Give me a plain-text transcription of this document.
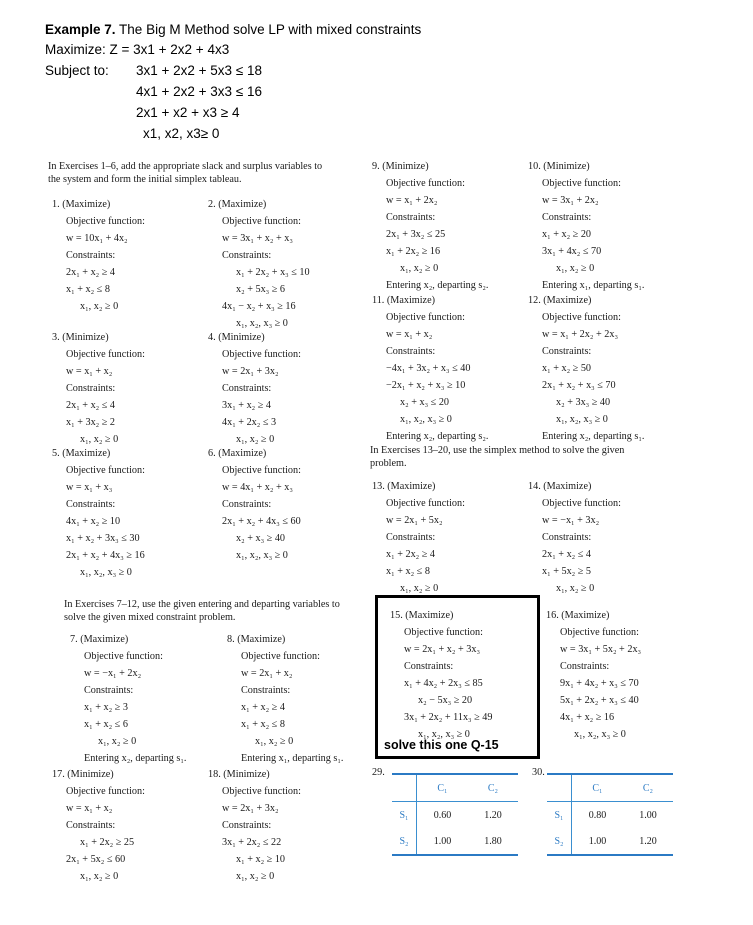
Example 7. The Big M Method solve LP with mixed constraints
Maximize: Z = 3x1 + 2x2 + 4x3
Subject to: 3x1 + 2x2 + 5x3 ≤ 18
4x1 + 2x2 + 3x3 ≤ 16
2x1 + x2 + x3 ≥ 4
x1, x2, x3≥ 0
In Exercises 1–6, add the appropriate slack and surplus variables to
the system and form the initial simplex tableau.
1. (Maximize)
Objective function:
w = 10x₁ + 4x₂
Constraints:
2x₁ + x₂ ≥ 4
x₁ + x₂ ≤ 8
x₁, x₂ ≥ 0
2. (Maximize)
Objective function:
w = 3x₁ + x₂ + x₃
Constraints:
x₁ + 2x₂ + x₃ ≤ 10
x₂ + 5x₃ ≥ 6
4x₁ − x₂ + x₃ ≥ 16
x₁, x₂, x₃ ≥ 0
3. (Minimize)
Objective function:
w = x₁ + x₂
Constraints:
2x₁ + x₂ ≤ 4
x₁ + 3x₂ ≥ 2
x₁, x₂ ≥ 0
4. (Minimize)
Objective function:
w = 2x₁ + 3x₂
Constraints:
3x₁ + x₂ ≥ 4
4x₁ + 2x₂ ≤ 3
x₁, x₂ ≥ 0
5. (Maximize)
Objective function:
w = x₁ + x₃
Constraints:
4x₁ + x₂ ≥ 10
x₁ + x₂ + 3x₃ ≤ 30
2x₁ + x₂ + 4x₃ ≥ 16
x₁, x₂, x₃ ≥ 0
6. (Maximize)
Objective function:
w = 4x₁ + x₂ + x₃
Constraints:
2x₁ + x₂ + 4x₃ ≤ 60
x₂ + x₃ ≥ 40
x₁, x₂, x₃ ≥ 0
In Exercises 7–12, use the given entering and departing variables to
solve the given mixed constraint problem.
7. (Maximize)
Objective function:
w = −x₁ + 2x₂
Constraints:
x₁ + x₂ ≥ 3
x₁ + x₂ ≤ 6
x₁, x₂ ≥ 0
Entering x₂, departing s₁.
8. (Maximize)
Objective function:
w = 2x₁ + x₂
Constraints:
x₁ + x₂ ≥ 4
x₁ + x₂ ≤ 8
x₁, x₂ ≥ 0
Entering x₁, departing s₁.
17. (Minimize)
Objective function:
w = x₁ + x₂
Constraints:
x₁ + 2x₂ ≥ 25
2x₁ + 5x₂ ≤ 60
x₁, x₂ ≥ 0
18. (Minimize)
Objective function:
w = 2x₁ + 3x₂
Constraints:
3x₁ + 2x₂ ≤ 22
x₁ + x₂ ≥ 10
x₁, x₂ ≥ 0
9. (Minimize)
Objective function:
w = x₁ + 2x₂
Constraints:
2x₁ + 3x₂ ≤ 25
x₁ + 2x₂ ≥ 16
x₁, x₂ ≥ 0
Entering x₂, departing s₂.
10. (Minimize)
Objective function:
w = 3x₁ + 2x₂
Constraints:
x₁ + x₂ ≥ 20
3x₁ + 4x₂ ≤ 70
x₁, x₂ ≥ 0
Entering x₁, departing s₁.
11. (Maximize)
Objective function:
w = x₁ + x₂
Constraints:
−4x₁ + 3x₂ + x₃ ≤ 40
−2x₁ + x₂ + x₃ ≥ 10
x₂ + x₃ ≤ 20
x₁, x₂, x₃ ≥ 0
Entering x₂, departing s₂.
12. (Maximize)
Objective function:
w = x₁ + 2x₂ + 2x₃
Constraints:
x₁ + x₂ ≥ 50
2x₁ + x₂ + x₃ ≤ 70
x₂ + 3x₃ ≥ 40
x₁, x₂, x₃ ≥ 0
Entering x₂, departing s₁.
In Exercises 13–20, use the simplex method to solve the given
problem.
13. (Maximize)
Objective function:
w = 2x₁ + 5x₂
Constraints:
x₁ + 2x₂ ≥ 4
x₁ + x₂ ≤ 8
x₁, x₂ ≥ 0
14. (Maximize)
Objective function:
w = −x₁ + 3x₂
Constraints:
2x₁ + x₂ ≤ 4
x₁ + 5x₂ ≥ 5
x₁, x₂ ≥ 0
15. (Maximize)
Objective function:
w = 2x₁ + x₂ + 3x₃
Constraints:
x₁ + 4x₂ + 2x₃ ≤ 85
x₂ − 5x₃ ≥ 20
3x₁ + 2x₂ + 11x₃ ≥ 49
x₁, x₂, x₃ ≥ 0
solve this one Q-15
16. (Maximize)
Objective function:
w = 3x₁ + 5x₂ + 2x₃
Constraints:
9x₁ + 4x₂ + x₃ ≤ 70
5x₁ + 2x₂ + x₃ ≤ 40
4x₁ + x₂ ≥ 16
x₁, x₂, x₃ ≥ 0
29.
	C₁	C₂
S₁	0.60	1.20
S₂	1.00	1.80
30.
	C₁	C₂
S₁	0.80	1.00
S₂	1.00	1.20
